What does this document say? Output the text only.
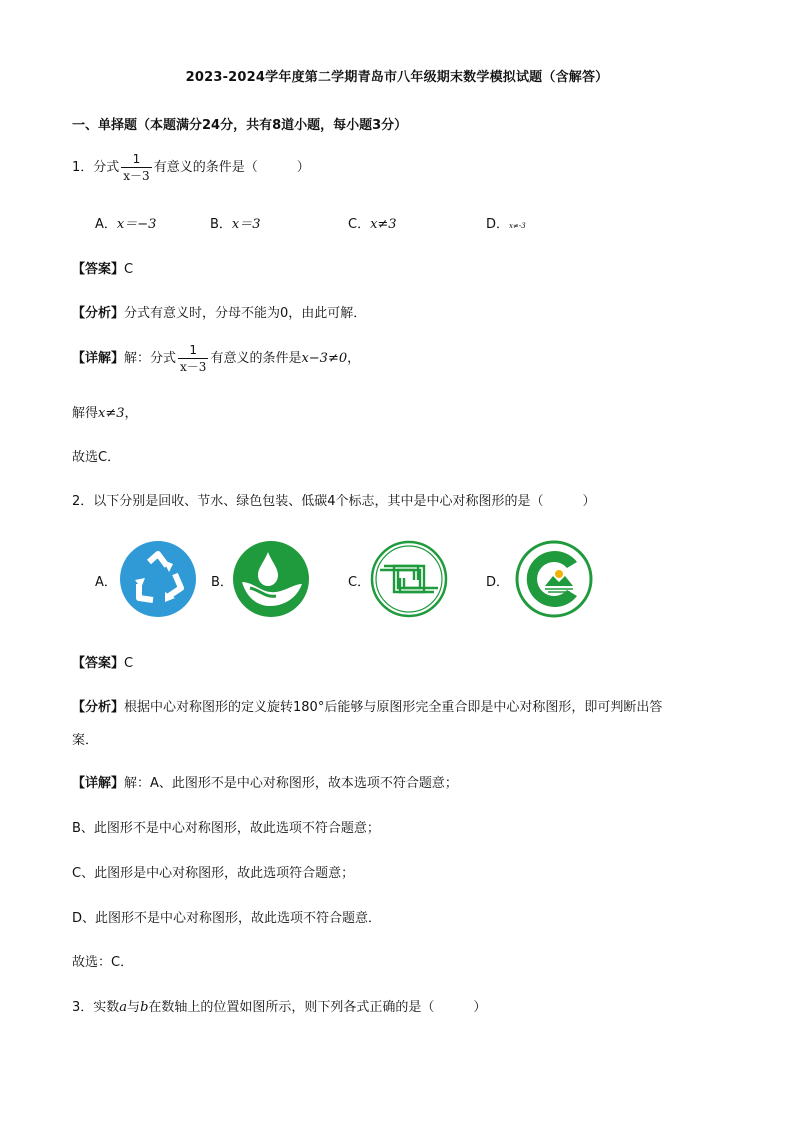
2023-2024学年度第二学期青岛市八年级期末数学模拟试题（含解答）
一、单择题（本题满分24分，共有8道小题，每小题3分）
1．分式 $\frac{1}{x-3}$ 有意义的条件是（　　　）
A．x＝−3	B．x＝3	C．x≠3	D．x≠-3
【答案】C
【分析】分式有意义时，分母不能为0，由此可解．
【详解】解：分式 $\frac{1}{x-3}$ 有意义的条件是x−3≠0，
解得x≠3，
故选C．
2．以下分别是回收、节水、绿色包装、低碳4个标志，其中是中心对称图形的是（　　　）
A．	B．	C．	D．
【答案】C
【分析】根据中心对称图形的定义旋转180°后能够与原图形完全重合即是中心对称图形，即可判断出答
案．
【详解】解：A、此图形不是中心对称图形，故本选项不符合题意；
B、此图形不是中心对称图形，故此选项不符合题意；
C、此图形是中心对称图形，故此选项符合题意；
D、此图形不是中心对称图形，故此选项不符合题意．
故选：C．
3．实数a与b在数轴上的位置如图所示，则下列各式正确的是（　　　）
